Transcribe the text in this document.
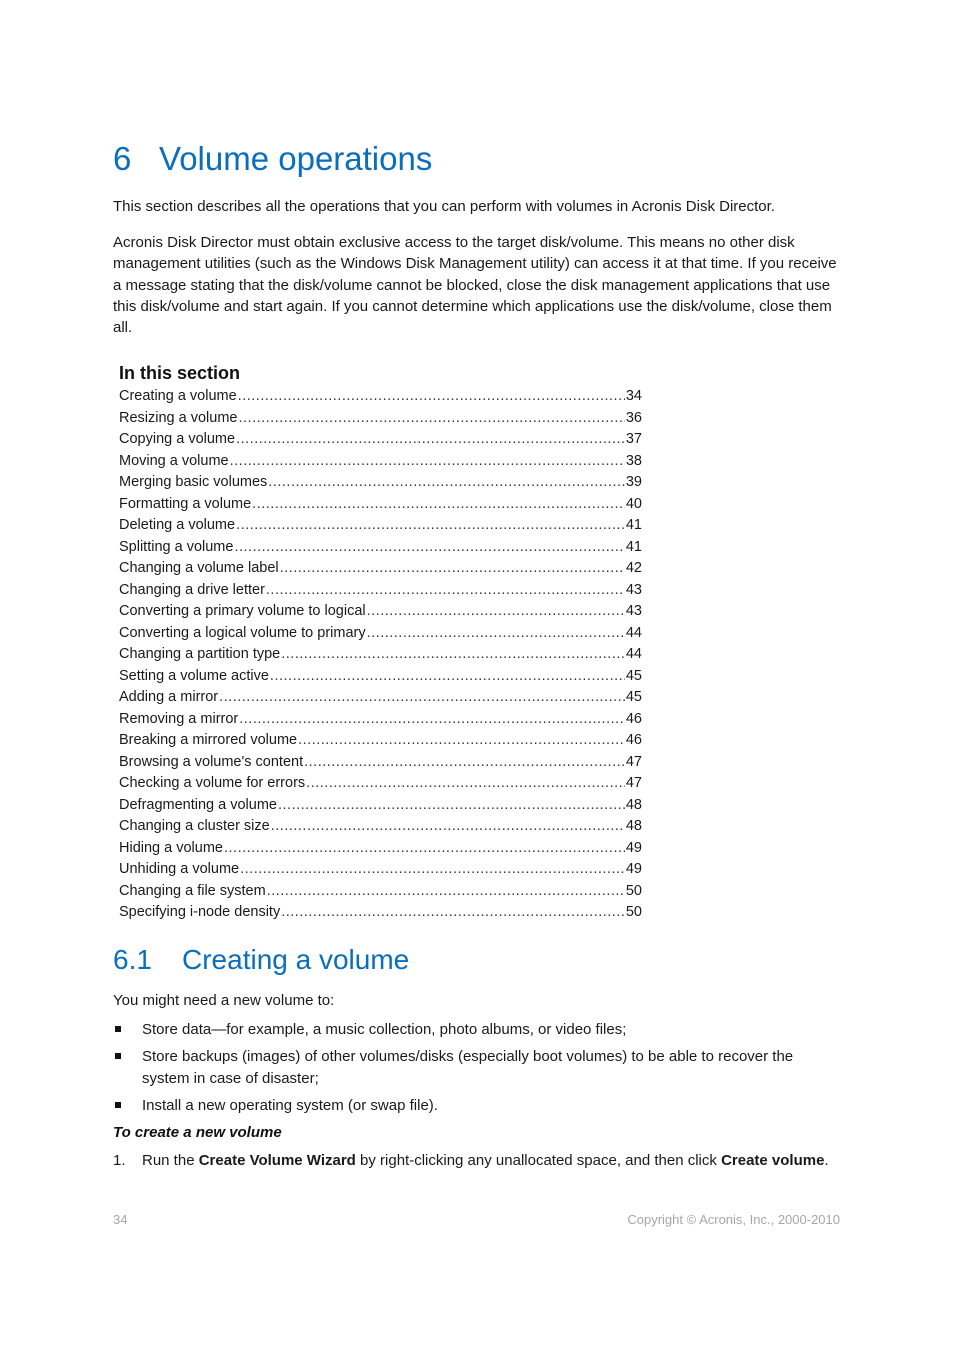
6 Volume operations

This section describes all the operations that you can perform with volumes in Acronis Disk Director.

Acronis Disk Director must obtain exclusive access to the target disk/volume. This means no other disk management utilities (such as the Windows Disk Management utility) can access it at that time. If you receive a message stating that the disk/volume cannot be blocked, close the disk management applications that use this disk/volume and start again. If you cannot determine which applications use the disk/volume, close them all.

In this section
Creating a volume .....	34
Resizing a volume .....	36
Copying a volume .....	37
Moving a volume .....	38
Merging basic volumes .....	39
Formatting a volume .....	40
Deleting a volume .....	41
Splitting a volume .....	41
Changing a volume label .....	42
Changing a drive letter .....	43
Converting a primary volume to logical .....	43
Converting a logical volume to primary .....	44
Changing a partition type .....	44
Setting a volume active .....	45
Adding a mirror .....	45
Removing a mirror .....	46
Breaking a mirrored volume .....	46
Browsing a volume's content .....	47
Checking a volume for errors .....	47
Defragmenting a volume .....	48
Changing a cluster size .....	48
Hiding a volume .....	49
Unhiding a volume .....	49
Changing a file system .....	50
Specifying i-node density .....	50
6.1 Creating a volume

You might need a new volume to:

Store data—for example, a music collection, photo albums, or video files;
Store backups (images) of other volumes/disks (especially boot volumes) to be able to recover the system in case of disaster;
Install a new operating system (or swap file).

To create a new volume

1. Run the Create Volume Wizard by right-clicking any unallocated space, and then click Create volume.
34	Copyright © Acronis, Inc., 2000-2010
